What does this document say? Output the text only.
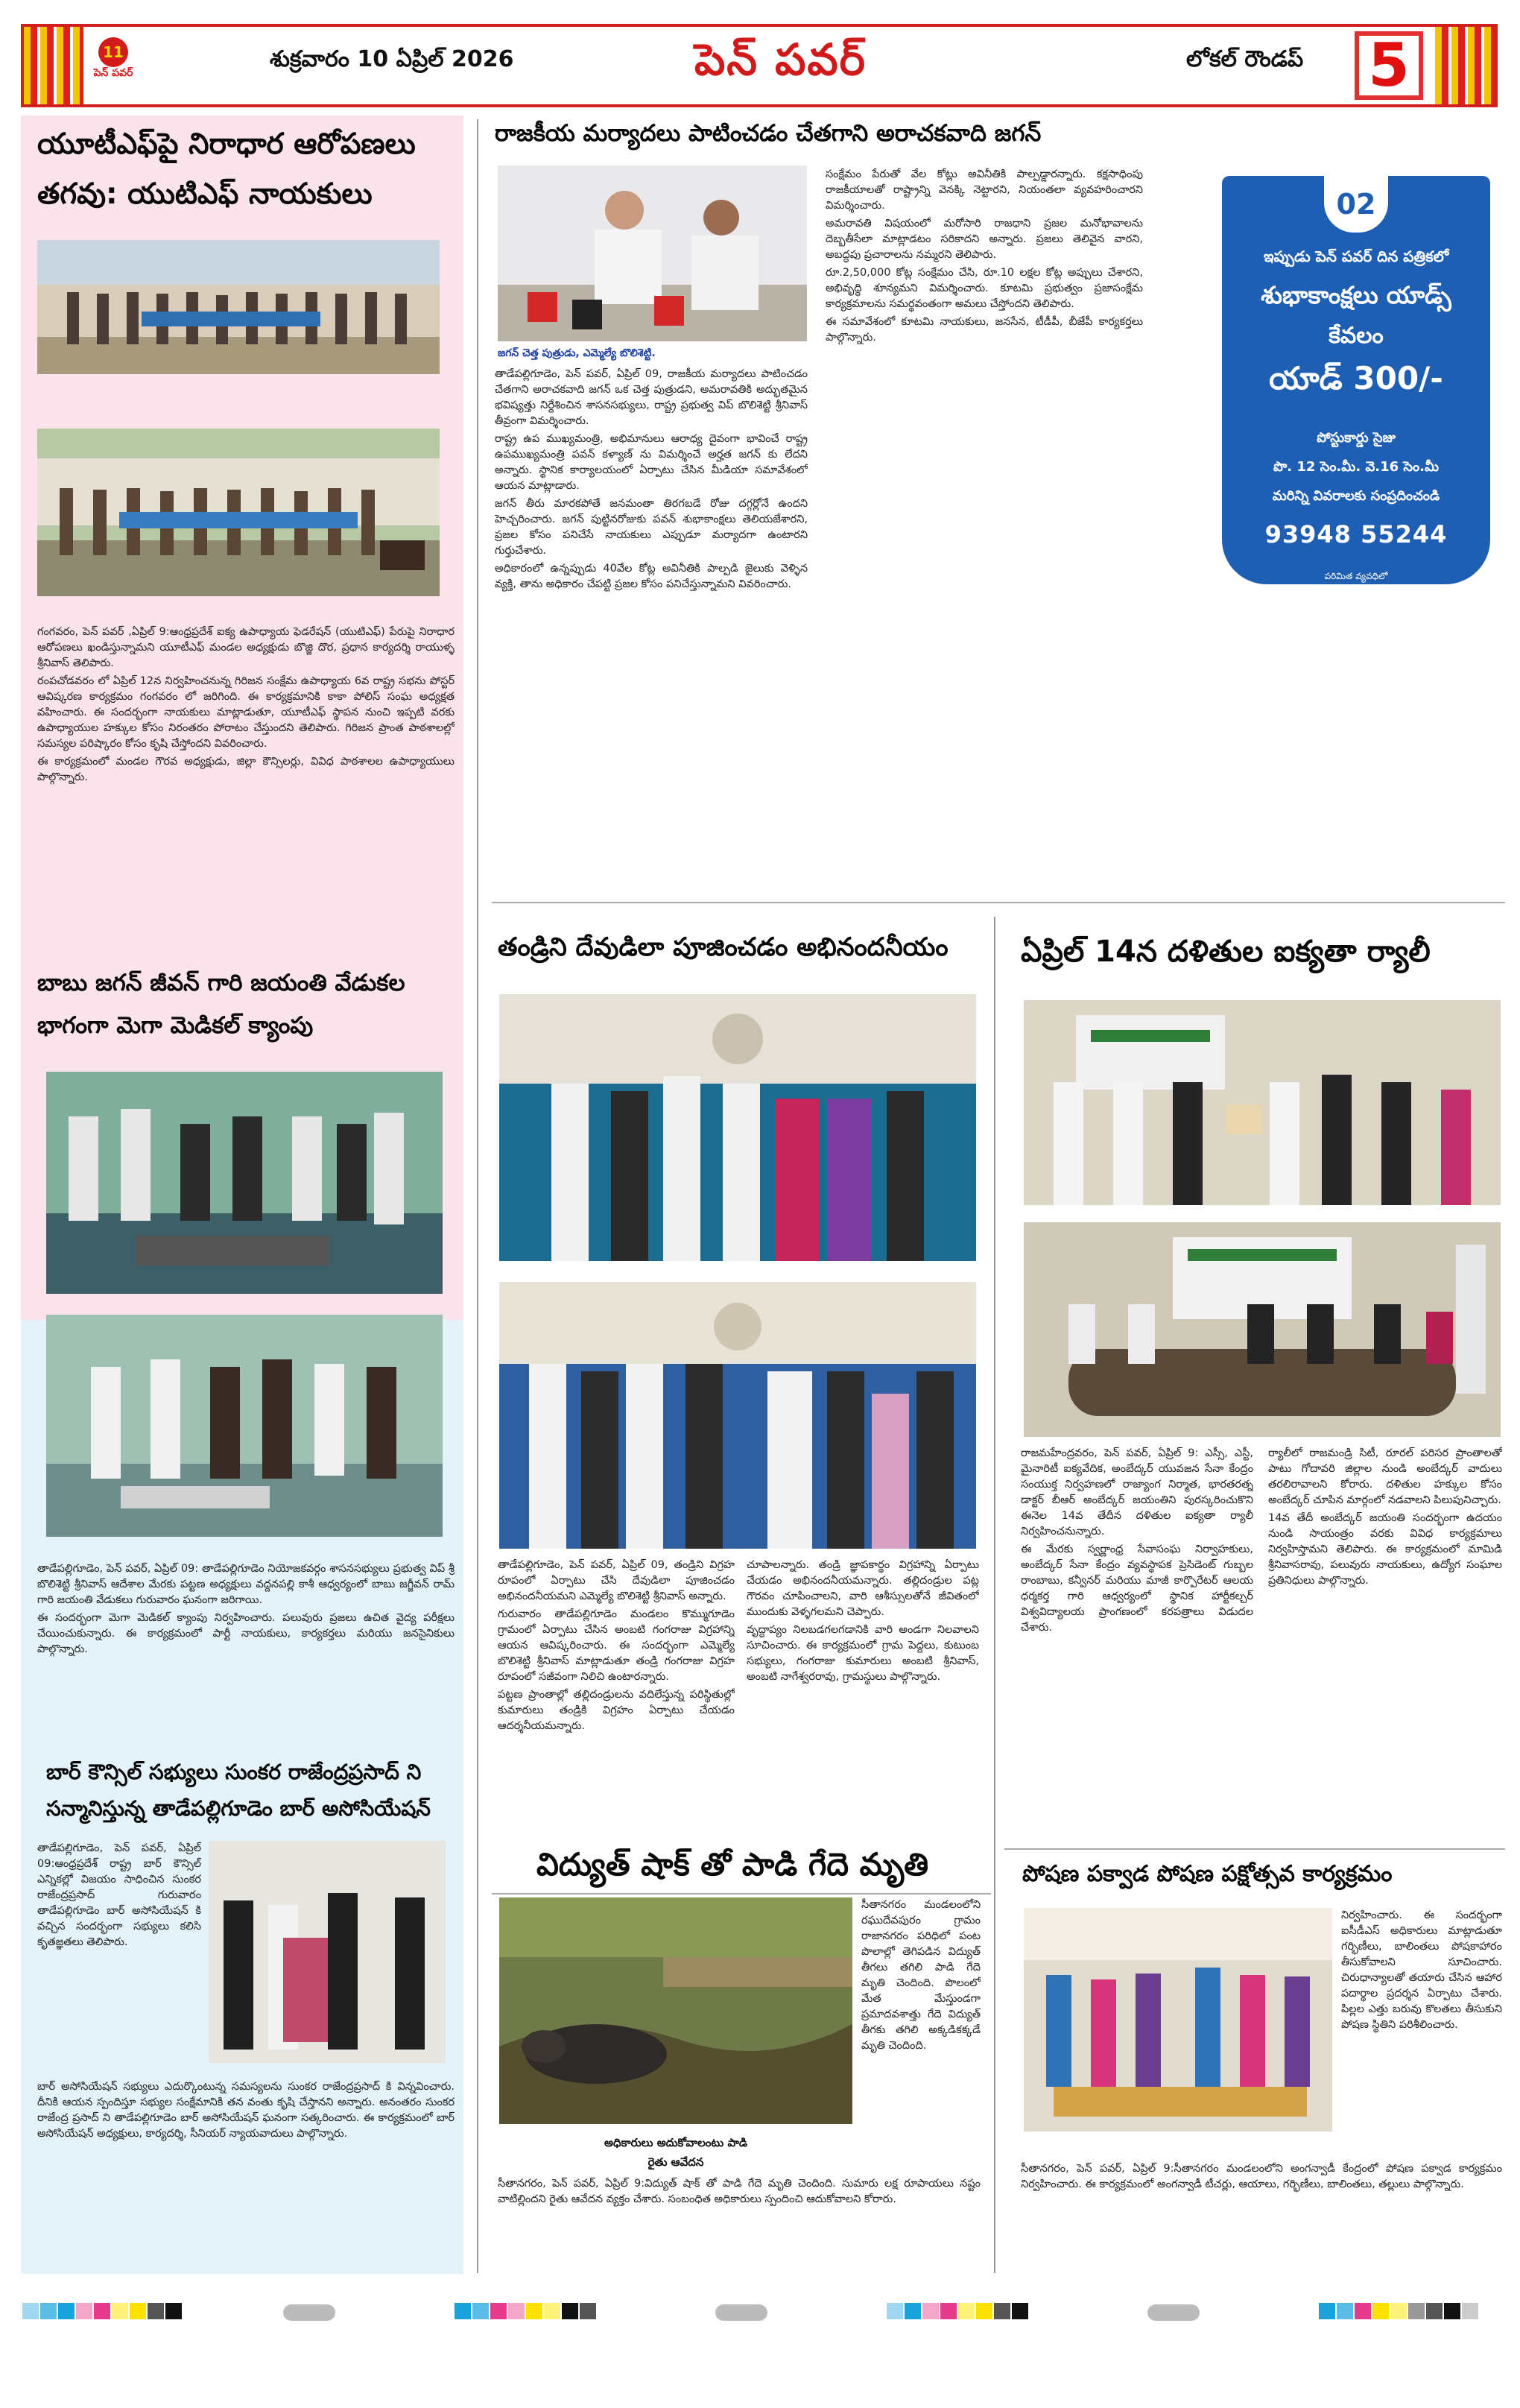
11
పెన్ పవర్
శుక్రవారం 10 ఏప్రిల్ 2026	పెన్ పవర్	లోకల్ రౌండప్ 5
యూటీఎఫ్‌పై నిరాధార ఆరోపణలు
తగవు: యుటిఎఫ్ నాయకులు

గంగవరం, పెన్ పవర్ ,ఏప్రిల్ 9:ఆంధ్రప్రదేశ్ ఐక్య ఉపాధ్యాయ ఫెడరేషన్ (యుటిఎఫ్) పేరుపై నిరాధార ఆరోపణలు ఖండిస్తున్నామని యూటీఎఫ్ మండల అధ్యక్షుడు బొజ్జి దొర, ప్రధాన కార్యదర్శి రాయుళ్ళ శ్రీనివాస్ తెలిపారు.

రంపచోడవరం లో ఏప్రిల్ 12న నిర్వహించనున్న గిరిజన సంక్షేమ ఉపాధ్యాయ 6వ రాష్ట్ర సభను పోస్టర్ ఆవిష్కరణ కార్యక్రమం గంగవరం లో జరిగింది. ఈ కార్యక్రమానికి కాకా పోలిస్ సంఘ అధ్యక్షత వహించారు. ఈ సందర్భంగా నాయకులు మాట్లాడుతూ, యూటీఎఫ్ స్థాపన నుంచి ఇప్పటి వరకు ఉపాధ్యాయుల హక్కుల కోసం నిరంతరం పోరాటం చేస్తుందని తెలిపారు. గిరిజన ప్రాంత పాఠశాలల్లో సమస్యల పరిష్కారం కోసం కృషి చేస్తోందని వివరించారు.

ఈ కార్యక్రమంలో మండల గౌరవ అధ్యక్షుడు, జిల్లా కౌన్సిలర్లు, వివిధ పాఠశాలల ఉపాధ్యాయులు పాల్గొన్నారు.

బాబు జగన్ జీవన్ గారి జయంతి వేడుకల
భాగంగా మెగా మెడికల్ క్యాంపు

తాడేపల్లిగూడెం, పెన్ పవర్, ఏప్రిల్ 09: తాడేపల్లిగూడెం నియోజకవర్గం శాసనసభ్యులు ప్రభుత్వ విప్ శ్రీ బొలిశెట్టి శ్రీనివాస్ ఆదేశాల మేరకు పట్టణ అధ్యక్షులు వద్దనపల్లి కాశీ ఆధ్వర్యంలో బాబు జగ్జీవన్ రామ్ గారి జయంతి వేడుకలు గురువారం ఘనంగా జరిగాయి.

ఈ సందర్భంగా మెగా మెడికల్ క్యాంపు నిర్వహించారు. పలువురు ప్రజలు ఉచిత వైద్య పరీక్షలు చేయించుకున్నారు. ఈ కార్యక్రమంలో పార్టీ నాయకులు, కార్యకర్తలు మరియు జనసైనికులు పాల్గొన్నారు.

బార్ కౌన్సిల్ సభ్యులు సుంకర రాజేంద్రప్రసాద్ ని
సన్మానిస్తున్న తాడేపల్లిగూడెం బార్ అసోసియేషన్
తాడేపల్లిగూడెం, పెన్ పవర్, ఏప్రిల్ 09:ఆంధ్రప్రదేశ్ రాష్ట్ర బార్ కౌన్సిల్ ఎన్నికల్లో విజయం సాధించిన సుంకర రాజేంద్రప్రసాద్ గురువారం తాడేపల్లిగూడెం బార్ అసోసియేషన్ కి వచ్చిన సందర్భంగా సభ్యులు కలిసి కృతజ్ఞతలు తెలిపారు.

బార్ అసోసియేషన్ సభ్యులు ఎదుర్కొంటున్న సమస్యలను సుంకర రాజేంద్రప్రసాద్ కి విన్నవించారు. దీనికి ఆయన స్పందిస్తూ సభ్యుల సంక్షేమానికి తన వంతు కృషి చేస్తానని అన్నారు. అనంతరం సుంకర రాజేంద్ర ప్రసాద్ ని తాడేపల్లిగూడెం బార్ అసోసియేషన్ ఘనంగా సత్కరించారు. ఈ కార్యక్రమంలో బార్ అసోసియేషన్ అధ్యక్షులు, కార్యదర్శి, సీనియర్ న్యాయవాదులు పాల్గొన్నారు.

రాజకీయ మర్యాదలు పాటించడం చేతగాని అరాచకవాది జగన్
జగన్ చెత్త పుత్రుడు, ఎమ్మెల్యే బొలిశెట్టి.

తాడేపల్లిగూడెం, పెన్ పవర్, ఏప్రిల్ 09, రాజకీయ మర్యాదలు పాటించడం చేతగాని అరాచకవాది జగన్ ఒక చెత్త పుత్రుడని, అమరావతికి అద్భుతమైన భవిష్యత్తు నిర్దేశించిన శాసనసభ్యులు, రాష్ట్ర ప్రభుత్వ విప్ బొలిశెట్టి శ్రీనివాస్ తీవ్రంగా విమర్శించారు.

రాష్ట్ర ఉప ముఖ్యమంత్రి, అభిమానులు ఆరాధ్య దైవంగా భావించే రాష్ట్ర ఉపముఖ్యమంత్రి పవన్ కళ్యాణ్ ను విమర్శించే అర్హత జగన్ కు లేదని అన్నారు. స్థానిక కార్యాలయంలో ఏర్పాటు చేసిన మీడియా సమావేశంలో ఆయన మాట్లాడారు.

జగన్ తీరు మారకపోతే జనమంతా తిరగబడే రోజు దగ్గర్లోనే ఉందని హెచ్చరించారు. జగన్ పుట్టినరోజుకు పవన్ శుభాకాంక్షలు తెలియజేశారని, ప్రజల కోసం పనిచేసే నాయకులు ఎప్పుడూ మర్యాదగా ఉంటారని గుర్తుచేశారు.

అధికారంలో ఉన్నప్పుడు 40వేల కోట్ల అవినీతికి పాల్పడి జైలుకు వెళ్ళిన వ్యక్తి, తాను అధికారం చేపట్టి ప్రజల కోసం పనిచేస్తున్నామని వివరించారు.

సంక్షేమం పేరుతో వేల కోట్లు అవినీతికి పాల్పడ్డారన్నారు. కక్షసాధింపు రాజకీయాలతో రాష్ట్రాన్ని వెనక్కి నెట్టారని, నియంతలా వ్యవహరించారని విమర్శించారు.

అమరావతి విషయంలో మరోసారి రాజధాని ప్రజల మనోభావాలను దెబ్బతీసేలా మాట్లాడటం సరికాదని అన్నారు. ప్రజలు తెలివైన వారని, అబద్ధపు ప్రచారాలను నమ్మరని తెలిపారు.

రూ.2,50,000 కోట్ల సంక్షేమం చేసి, రూ.10 లక్షల కోట్ల అప్పులు చేశారని, అభివృద్ధి శూన్యమని విమర్శించారు. కూటమి ప్రభుత్వం ప్రజాసంక్షేమ కార్యక్రమాలను సమర్థవంతంగా అమలు చేస్తోందని తెలిపారు.

ఈ సమావేశంలో కూటమి నాయకులు, జనసేన, టీడీపీ, బీజేపీ కార్యకర్తలు పాల్గొన్నారు.

02
ఇప్పుడు పెన్ పవర్ దిన పత్రికలో
శుభాకాంక్షలు యాడ్స్
కేవలం
యాడ్ 300/-
పోస్టుకార్డు సైజు
పొ. 12 సెం.మీ. వె.16 సెం.మీ
మరిన్ని వివరాలకు సంప్రదించండి
93948 55244
పరిమిత వ్యవధిలో
తండ్రిని దేవుడిలా పూజించడం అభినందనీయం

తాడేపల్లిగూడెం, పెన్ పవర్, ఏప్రిల్ 09, తండ్రిని విగ్రహ రూపంలో ఏర్పాటు చేసి దేవుడిలా పూజించడం అభినందనీయమని ఎమ్మెల్యే బొలిశెట్టి శ్రీనివాస్ అన్నారు.

గురువారం తాడేపల్లిగూడెం మండలం కొమ్ముగూడెం గ్రామంలో ఏర్పాటు చేసిన అంబటి గంగరాజు విగ్రహాన్ని ఆయన ఆవిష్కరించారు. ఈ సందర్భంగా ఎమ్మెల్యే బొలిశెట్టి శ్రీనివాస్ మాట్లాడుతూ తండ్రి గంగరాజు విగ్రహ రూపంలో సజీవంగా నిలిచి ఉంటారన్నారు.

పట్టణ ప్రాంతాల్లో తల్లిదండ్రులను వదిలేస్తున్న పరిస్థితుల్లో కుమారులు తండ్రికి విగ్రహం ఏర్పాటు చేయడం ఆదర్శనీయమన్నారు.

చూపాలన్నారు. తండ్రి జ్ఞాపకార్థం విగ్రహాన్ని ఏర్పాటు చేయడం అభినందనీయమన్నారు. తల్లిదండ్రుల పట్ల గౌరవం చూపించాలని, వారి ఆశీస్సులతోనే జీవితంలో ముందుకు వెళ్ళగలమని చెప్పారు.

వృద్ధాప్యం నిలబడగలగడానికి వారి అండగా నిలవాలని సూచించారు. ఈ కార్యక్రమంలో గ్రామ పెద్దలు, కుటుంబ సభ్యులు, గంగరాజు కుమారులు అంబటి శ్రీనివాస్, అంబటి నాగేశ్వరరావు, గ్రామస్థులు పాల్గొన్నారు.

ఏప్రిల్ 14న దళితుల ఐక్యతా ర్యాలీ

రాజమహేంద్రవరం, పెన్ పవర్, ఏప్రిల్ 9: ఎస్సీ, ఎస్టీ, మైనారిటీ ఐక్యవేదిక, అంబేద్కర్ యువజన సేనా కేంద్రం సంయుక్త నిర్వహణలో రాజ్యాంగ నిర్మాత, భారతరత్న డాక్టర్ బీఆర్ అంబేద్కర్ జయంతిని పురస్కరించుకొని ఈనెల 14వ తేదీన దళితుల ఐక్యతా ర్యాలీ నిర్వహించనున్నారు.

ఈ మేరకు స్వర్ణాంధ్ర సేవాసంఘ నిర్వాహకులు, అంబేద్కర్ సేనా కేంద్రం వ్యవస్థాపక ప్రెసిడెంట్ గుబ్బల రాంబాబు, కన్వీనర్ మరియు మాజీ కార్పొరేటర్ ఆలయ ధర్మకర్త గారి ఆధ్వర్యంలో స్థానిక హార్టీకల్చర్ విశ్వవిద్యాలయ ప్రాంగణంలో కరపత్రాలు విడుదల చేశారు.

ర్యాలీలో రాజమండ్రి సిటీ, రూరల్ పరిసర ప్రాంతాలతో పాటు గోదావరి జిల్లాల నుండి అంబేద్కర్ వాదులు తరలిరావాలని కోరారు. దళితుల హక్కుల కోసం అంబేద్కర్ చూపిన మార్గంలో నడవాలని పిలుపునిచ్చారు.

14వ తేదీ అంబేద్కర్ జయంతి సందర్భంగా ఉదయం నుండి సాయంత్రం వరకు వివిధ కార్యక్రమాలు నిర్వహిస్తామని తెలిపారు. ఈ కార్యక్రమంలో మామిడి శ్రీనివాసరావు, పలువురు నాయకులు, ఉద్యోగ సంఘాల ప్రతినిధులు పాల్గొన్నారు.

విద్యుత్ షాక్ తో పాడి గేదె మృతి
అధికారులు అదుకోవాలంటు పాడి
రైతు ఆవేదన
సీతానగరం మండలంలోని రఘుదేవపురం గ్రామం రాజానగరం పరిధిలో పంట పొలాల్లో తెగిపడిన విద్యుత్ తీగలు తగిలి పాడి గేదె మృతి చెందింది. పొలంలో మేత మేస్తుండగా ప్రమాదవశాత్తు గేదె విద్యుత్ తీగకు తగిలి అక్కడికక్కడే మృతి చెందింది.
సీతానగరం, పెన్ పవర్, ఏప్రిల్ 9:విద్యుత్ షాక్ తో పాడి గేదె మృతి చెందింది. సుమారు లక్ష రూపాయలు నష్టం వాటిల్లిందని రైతు ఆవేదన వ్యక్తం చేశారు. సంబంధిత అధికారులు స్పందించి ఆదుకోవాలని కోరారు.
పోషణ పక్వాడ పోషణ పక్షోత్సవ కార్యక్రమం
నిర్వహించారు. ఈ సందర్భంగా ఐసీడీఎస్ అధికారులు మాట్లాడుతూ గర్భిణీలు, బాలింతలు పోషకాహారం తీసుకోవాలని సూచించారు. చిరుధాన్యాలతో తయారు చేసిన ఆహార పదార్థాల ప్రదర్శన ఏర్పాటు చేశారు. పిల్లల ఎత్తు బరువు కొలతలు తీసుకుని పోషణ స్థితిని పరిశీలించారు.
సీతానగరం, పెన్ పవర్, ఏప్రిల్ 9:సీతానగరం మండలంలోని అంగన్వాడీ కేంద్రంలో పోషణ పక్వాడ కార్యక్రమం నిర్వహించారు. ఈ కార్యక్రమంలో అంగన్వాడీ టీచర్లు, ఆయాలు, గర్భిణీలు, బాలింతలు, తల్లులు పాల్గొన్నారు.
